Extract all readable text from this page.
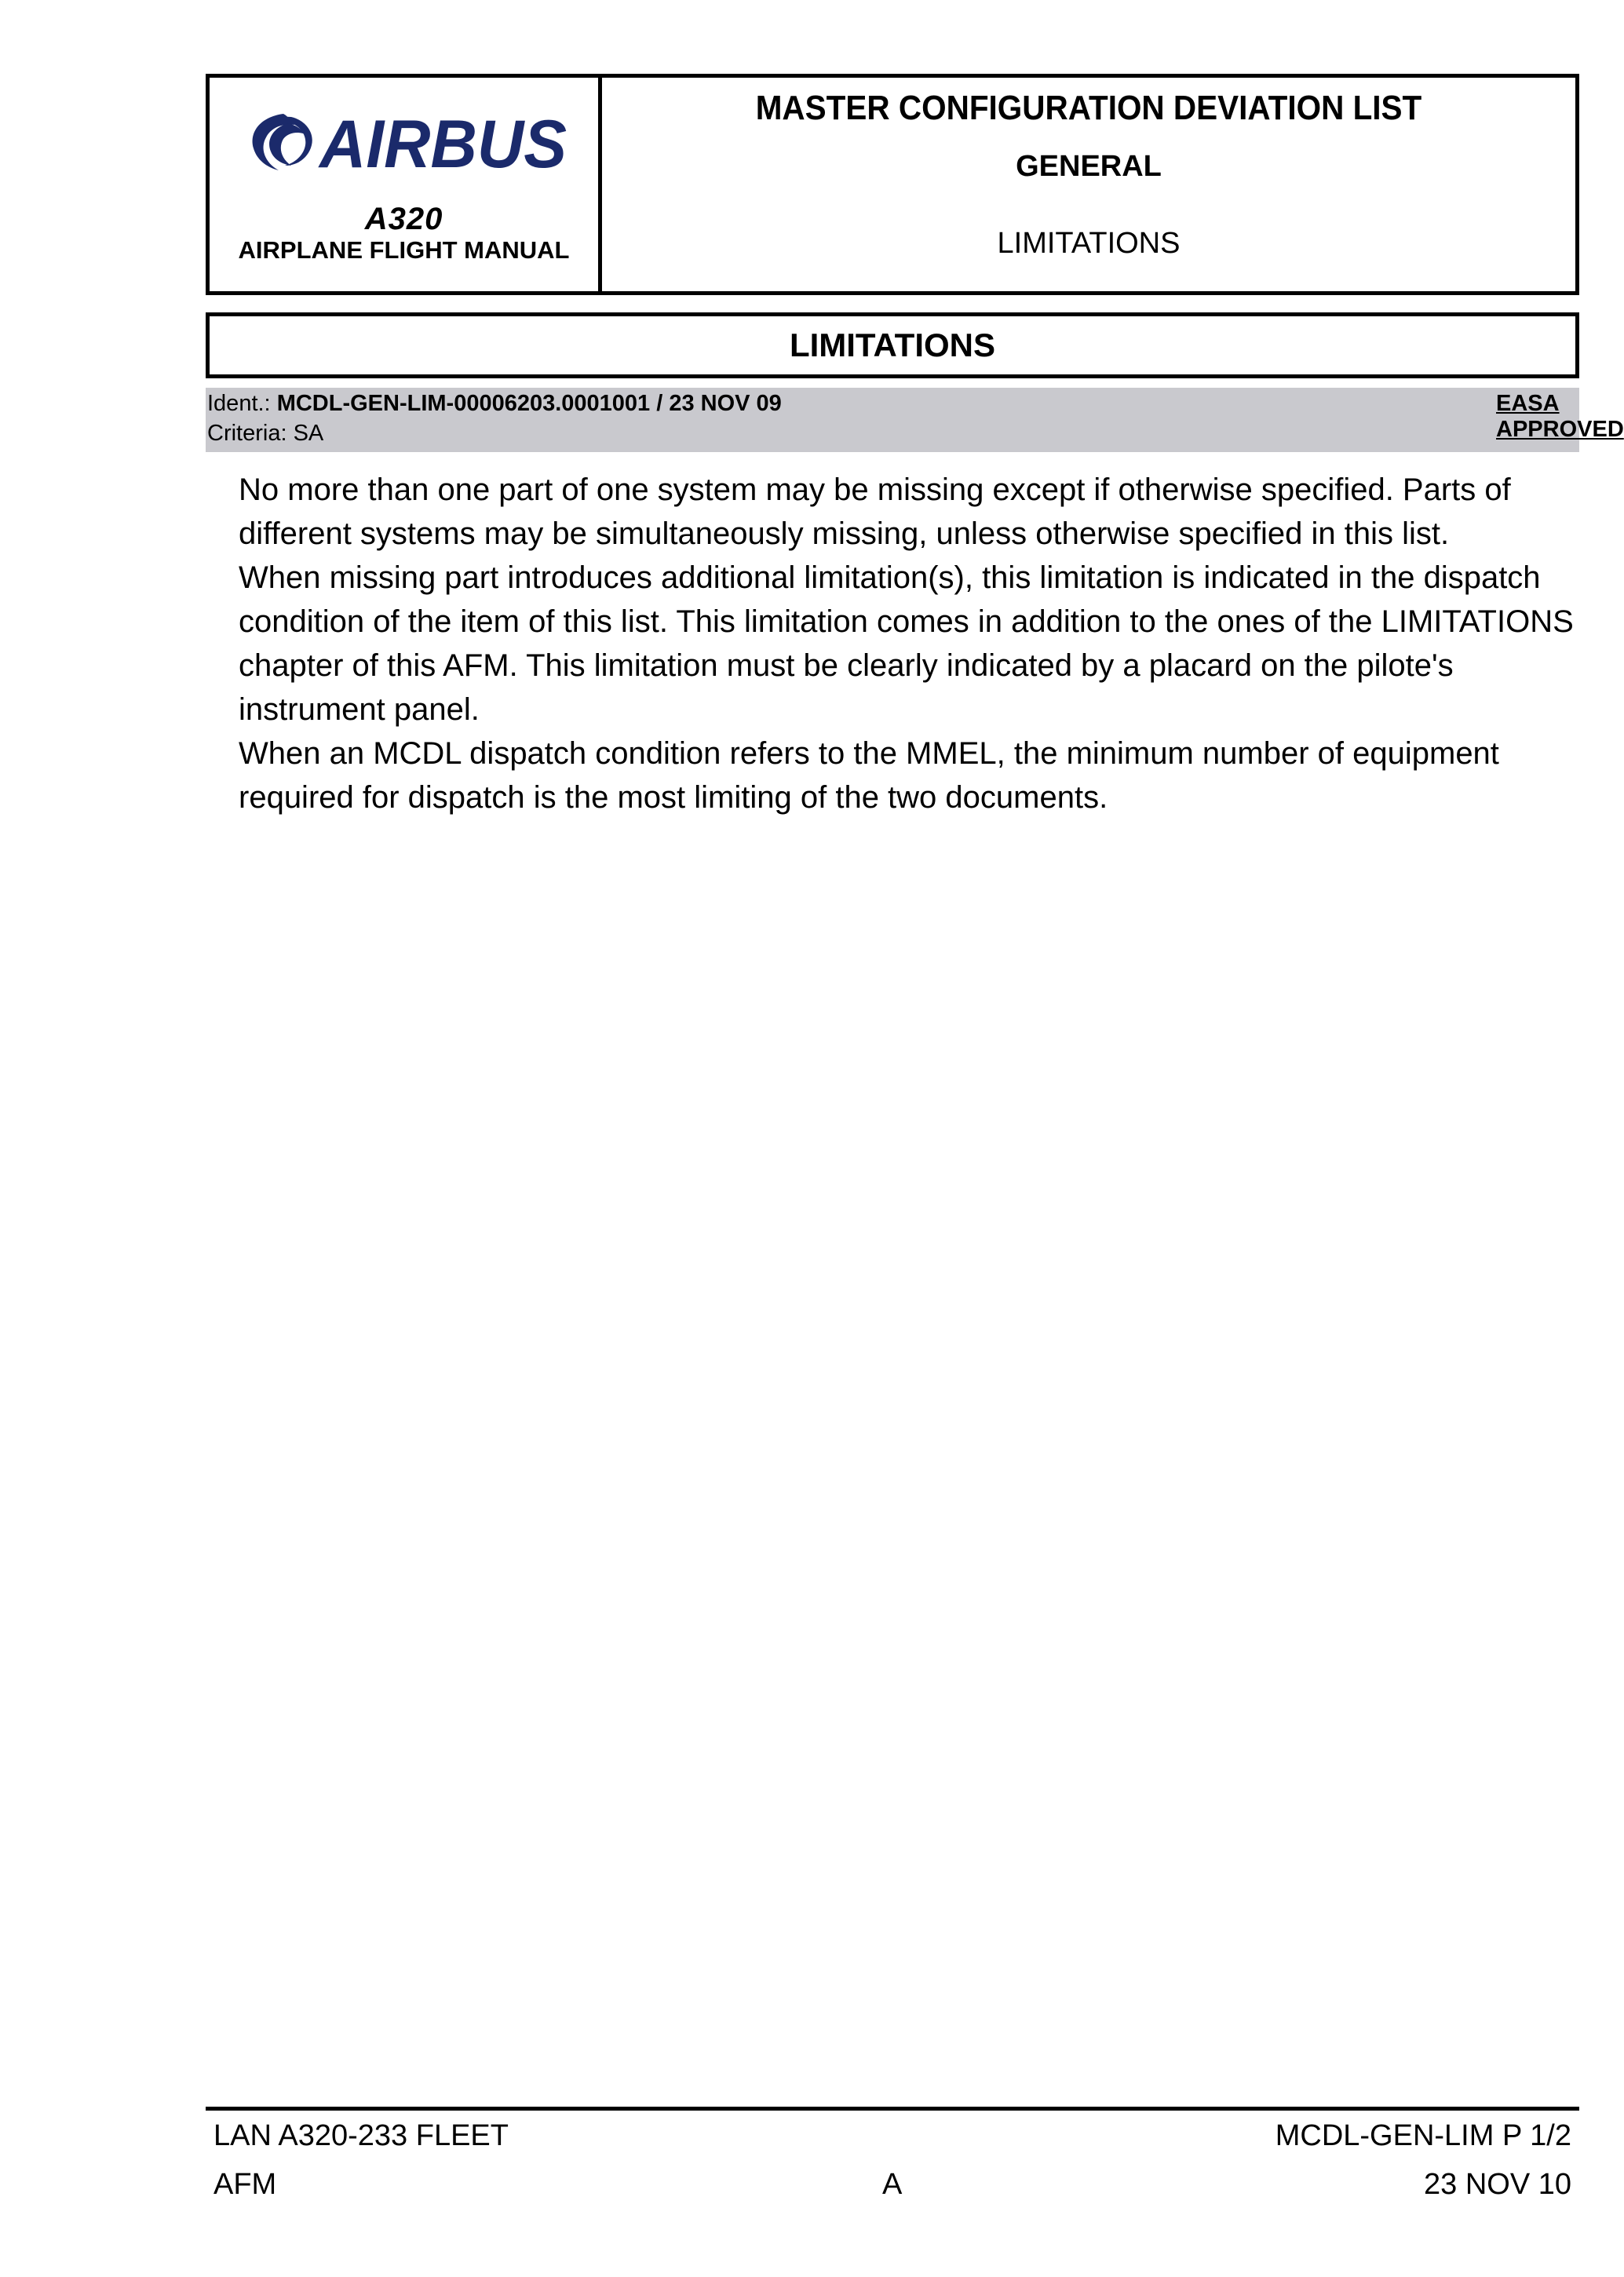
AIRBUS
A320
AIRPLANE FLIGHT MANUAL
MASTER CONFIGURATION DEVIATION LIST
GENERAL
LIMITATIONS
LIMITATIONS
Ident.: MCDL-GEN-LIM-00006203.0001001 / 23 NOV 09	EASA APPROVED
Criteria: SA

No more than one part of one system may be missing except if otherwise specified. Parts of different systems may be simultaneously missing, unless otherwise specified in this list.

When missing part introduces additional limitation(s), this limitation is indicated in the dispatch condition of the item of this list. This limitation comes in addition to the ones of the LIMITATIONS chapter of this AFM. This limitation must be clearly indicated by a placard on the pilote's instrument panel.

When an MCDL dispatch condition refers to the MMEL, the minimum number of equipment required for dispatch is the most limiting of the two documents.

LAN A320-233 FLEET
AFM	A
MCDL-GEN-LIM P 1/2
23 NOV 10
